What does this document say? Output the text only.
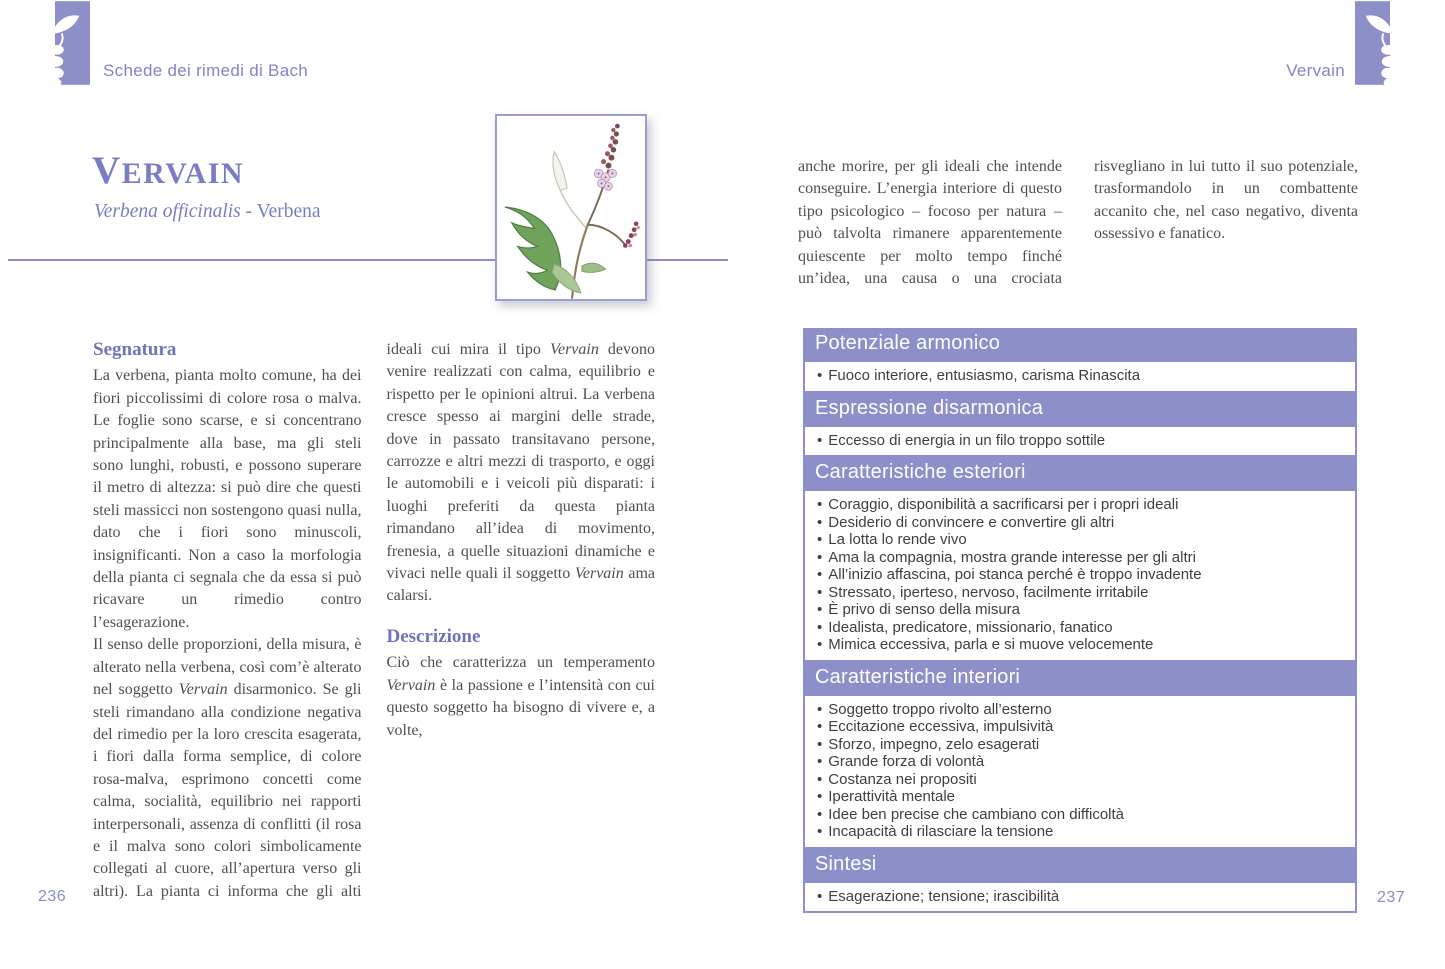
Schede dei rimedi di Bach	Vervain
VERVAIN
Verbena officinalis - Verbena
Segnatura

La verbena, pianta molto comune, ha dei fiori piccolissimi di colore rosa o malva. Le foglie sono scarse, e si concentrano principalmente alla base, ma gli steli sono lunghi, robusti, e possono superare il metro di altezza: si può dire che questi steli massicci non sostengono quasi nulla, dato che i fiori sono minuscoli, insignificanti. Non a caso la morfologia della pianta ci segnala che da essa si può ricavare un rimedio contro l’esagerazione.

Il senso delle proporzioni, della misura, è alterato nella verbena, così com’è alterato nel soggetto Vervain disarmonico. Se gli steli rimandano alla condizione negativa del rimedio per la loro crescita esagerata, i fiori dalla forma semplice, di colore rosa-malva, esprimono concetti come calma, socialità, equilibrio nei rapporti interpersonali, assenza di conflitti (il rosa e il malva sono colori simbolicamente collegati al cuore, all’apertura verso gli altri). La pianta ci informa che gli alti ideali cui mira il tipo Vervain devono venire realizzati con calma, equilibrio e rispetto per le opinioni altrui. La verbena cresce spesso ai margini delle strade, dove in passato transitavano persone, carrozze e altri mezzi di trasporto, e oggi le automobili e i veicoli più disparati: i luoghi preferiti da questa pianta rimandano all’idea di movimento, frenesia, a quelle situazioni dinamiche e vivaci nelle quali il soggetto Vervain ama calarsi.

Descrizione

Ciò che caratterizza un temperamento Vervain è la passione e l’intensità con cui questo soggetto ha bisogno di vivere e, a volte,

anche morire, per gli ideali che intende conseguire. L’energia interiore di questo tipo psicologico – focoso per natura – può talvolta rimanere apparentemente quiescente per molto tempo finché un’idea, una causa o una crociata risvegliano in lui tutto il suo potenziale, trasformandolo in un combattente accanito che, nel caso negativo, diventa ossessivo e fanatico.

Potenziale armonico
• Fuoco interiore, entusiasmo, carisma Rinascita
Espressione disarmonica
• Eccesso di energia in un filo troppo sottile
Caratteristiche esteriori
• Coraggio, disponibilità a sacrificarsi per i propri ideali
• Desiderio di convincere e convertire gli altri
• La lotta lo rende vivo
• Ama la compagnia, mostra grande interesse per gli altri
• All’inizio affascina, poi stanca perché è troppo invadente
• Stressato, iperteso, nervoso, facilmente irritabile
• È privo di senso della misura
• Idealista, predicatore, missionario, fanatico
• Mimica eccessiva, parla e si muove velocemente
Caratteristiche interiori
• Soggetto troppo rivolto all’esterno
• Eccitazione eccessiva, impulsività
• Sforzo, impegno, zelo esagerati
• Grande forza di volontà
• Costanza nei propositi
• Iperattività mentale
• Idee ben precise che cambiano con difficoltà
• Incapacità di rilasciare la tensione
Sintesi
• Esagerazione; tensione; irascibilità
236	237
